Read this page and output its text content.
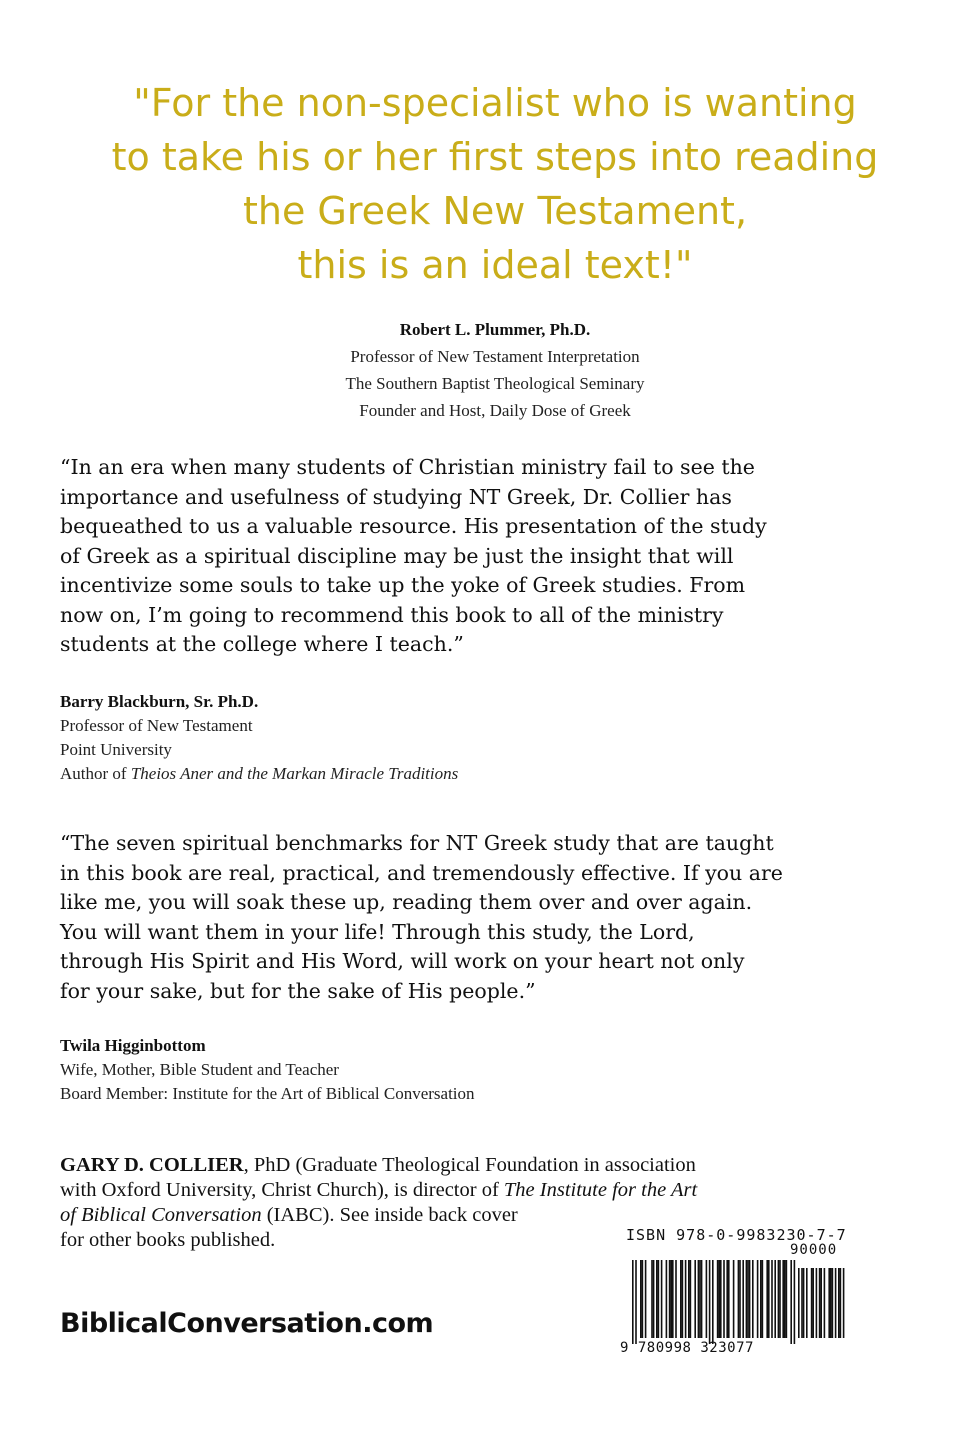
"For the non-specialist who is wanting
to take his or her first steps into reading
the Greek New Testament,
this is an ideal text!"
Robert L. Plummer, Ph.D.
Professor of New Testament Interpretation
The Southern Baptist Theological Seminary
Founder and Host, Daily Dose of Greek
“In an era when many students of Christian ministry fail to see the
importance and usefulness of studying NT Greek, Dr. Collier has
bequeathed to us a valuable resource. His presentation of the study
of Greek as a spiritual discipline may be just the insight that will
incentivize some souls to take up the yoke of Greek studies. From
now on, I’m going to recommend this book to all of the ministry
students at the college where I teach.”
Barry Blackburn, Sr. Ph.D.
Professor of New Testament
Point University
Author of Theios Aner and the Markan Miracle Traditions
“The seven spiritual benchmarks for NT Greek study that are taught
in this book are real, practical, and tremendously effective. If you are
like me, you will soak these up, reading them over and over again.
You will want them in your life! Through this study, the Lord,
through His Spirit and His Word, will work on your heart not only
for your sake, but for the sake of His people.”
Twila Higginbottom
Wife, Mother, Bible Student and Teacher
Board Member: Institute for the Art of Biblical Conversation
GARY D. COLLIER, PhD (Graduate Theological Foundation in association
with Oxford University, Christ Church), is director of The Institute for the Art
of Biblical Conversation (IABC). See inside back cover
for other books published.
BiblicalConversation.com
ISBN 978-0-9983230-7-7
90000
9 780998 323077
